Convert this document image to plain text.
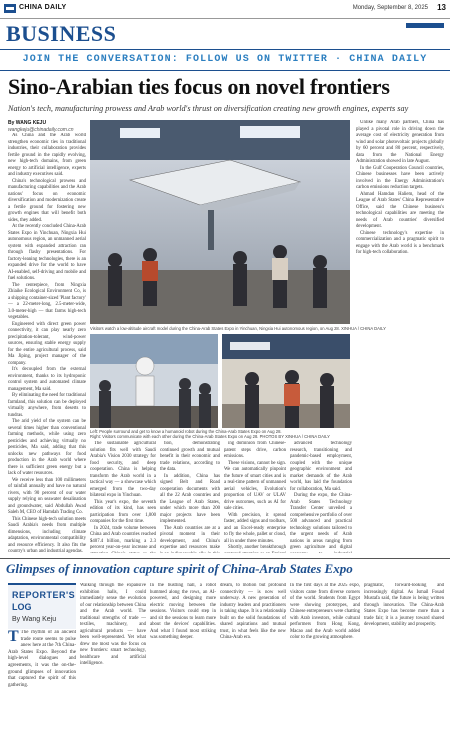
CHINA DAILY	Monday, September 8, 2025 13
BUSINESS
JOIN THE CONVERSATION: FOLLOW US ON TWITTER · CHINA DAILY
Sino-Arabian ties focus on novel frontiers
Nation's tech, manufacturing prowess and Arab world's thrust on diversification creating new growth engines, experts say
By WANG KEJU
wangkeju@chinadaily.com.cn

As China and the Arab world strengthen economic ties in traditional industries, their collaboration provides fertile ground in the rapidly evolving, new high-tech domains, from green energy to artificial intelligence, experts and industry executives said.

China's technological prowess and manufacturing capabilities and the Arab nations' focus on economic diversification and modernization create a fertile ground for fostering new growth engines that will benefit both sides, they added.

At the recently concluded China-Arab States Expo in Yinchuan, Ningxia Hui autonomous region, an unmanned aerial system with expanded attraction ran through flashy presentations. For factory-leaning technologies, there is an expanded drive for the world to have AI-enabled, self-driving and mobile and fuel solutions.

The centerpiece, from Ningxia Zhiaike Ecological Environment Co, is a shipping container-sized 'Plant factory' — a 22-meter-long, 2.5-meter-wide, 3.0-meter-high — that farms high-tech vegetables.

Engineered with direct green power connectivity, it can play nearly zero precipitation-tolerant, wind-power sources, ensuring stable energy supply for the entire agricultural process, said Ma Jiping, project manager of the company.

It's decoupled from the external environment, thanks to its hydroponic control system and automated climate management, Ma said.

By eliminating the need for traditional farmland, this solution can be deployed virtually anywhere, from deserts to tundras.

The arid yield of the system can be several times higher than conventional farming methods, while using zero pesticides and achieving virtually no pesticides, Ma said, adding that this unlocks new pathways for food production in the Arab world where there is sufficient green energy but a lack of water resources.

We receive less than 100 millimeters of rainfall annually and have no natural rivers, with 90 percent of our water supply relying on seawater desalination and groundwater, said Abdullah Awad Saleh M, CEO of Hamdah Trading Co.

This Chinese high-tech solution meets Saudi Arabia's needs from multiple dimensions, including climate adaptation, environmental compatibility and resource efficiency. It also fits the country's urban and industrial agendas.

Visitors watch a low-altitude aircraft model during the China-Arab States Expo in Yinchuan, Ningxia Hui autonomous region, on Aug 28. XINHUA / CHINA DAILY

Unlike many Arab partners, China has played a pivotal role in driving down the average cost of electricity generation from wind and solar photovoltaic projects globally by 60 percent and 80 percent, respectively, data from the National Energy Administration showed in late August.

In the Gulf Cooperation Council countries, Chinese businesses have been actively involved in the Energy Administration's carbon emissions reduction targets.

Ahmad Hamdan Haliem, head of the League of Arab States' China Representative Office, said the Chinese business's technological capabilities are meeting the needs of Arab countries' diversified development.

Chinese technology's expertise in commercialization and a pragmatic spirit to engage with the Arab world is a benchmark for high-tech collaboration.

Left: People surround and get to know a humanoid robot during the China-Arab States Expo on Aug 28.
Right: Visitors communicate with each other during the China-Arab States Expo on Aug 28. PHOTOS BY XINHUA / CHINA DAILY

The sustainable agricultural solution fits well with Saudi Arabia's Vision 2030 strategy for food security, and deep cooperation. China is helping transform the Arab world in a tactical way — a showcase which emerged from the two-day bilateral expo in Yinchuan.

This year's expo, the seventh edition of its kind, has seen participation from over 1,000 companies for the first time.

In 2024, trade volume between China and Arab countries reached $407.4 billion, marking a 2.3 percent year-on-year increase and

tion, demonstrating continued growth and mutual benefit in their economic and trade relations, according to the data.

In addition, China has signed Belt and Road cooperation documents with all the 22 Arab countries and the League of Arab States, under which more than 200 major projects have been implemented.

The Arab countries are at a pivotal moment in their development, and China's expertise and resources make

ing dominion from Chinese-patent steps drive, carbon emissions.

These visions, cannot be sign. We can automatically pinpoint the future of smart cities and is a real-time pattern of unmanned aerial vehicles, Evolution's proportion of UAV or ULAV drive outcomes, such as AI for sale cities.

With precision, it spread faster, added signs and toolbars, and an Excel-ready enterprise to fly the whole, pallet or cloud, all in under three minutes.

Shortly, another breakthrough

advanced technology research, transitioning and pandemic-based employment, coupled with the unique geographic environment and market demands of the Arab world, has laid the foundation for collaboration, Ma said.

During the expo, the China-Arab States Technology Transfer Center unveiled a comprehensive portfolio of over 500 advanced and practical technology solutions tailored to the urgent needs of Arab nations in areas ranging from green agriculture and digital

Glimpses of innovation capture spirit of China-Arab States Expo
REPORTER'S
LOG
By Wang Keju
T The rhythm of an ancient trade route seems to pulse anew here at the 7th China-Arab States Expo. Beyond the high-level dialogues and agreements, it was the on-the-ground glimpses of innovation that captured the spirit of this gathering.
Walking through the expansive exhibition halls, I could immediately sense the evolution of our relationship between China and the Arab world. The traditional strengths of trade — textiles, machinery, and agricultural products — have been well-represented. Yet what drew me most was the focus on new frontiers: smart technology, healthcare and artificial intelligence.
In the bustling hall, a robot hummed along the rows, an AI-powered, and designing more electric moving between the sessions. Visitors could step in and sit the sessions to learn more about the devices' capabilities. And what I found most striking was something deeper.
dream, to motion but profound connectivity — is now well underway. A new generation of industry leaders and practitioners is taking shape. It is a relationship built on the solid foundations of shared aspirations and mutual trust, in what feels like the new China-Arab era.
In the first days at the 2025 expo, visitors came from diverse corners of the world. Students from Egypt were showing prototypes, and Chinese entrepreneurs were chatting with Arab investors, while cultural performers from Hong Kong, Macao and the Arab world added color to the growing atmosphere.
pragmatic, forward-looking and increasingly digital. As Ismail Fouad Mustafa said, the future is being written through innovation. The China-Arab States Expo has become more than a trade fair; it is a journey toward shared development, stability and prosperity.
